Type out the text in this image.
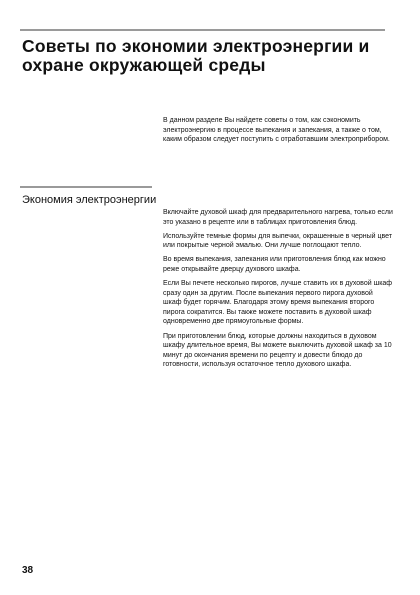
Советы по экономии электроэнергии и охране окружающей среды
В данном разделе Вы найдете советы о том, как сэкономить электроэнергию в процессе выпекания и запекания, а также о том, каким образом следует поступить с отработавшим электроприбором.
Экономия электроэнергии

Включайте духовой шкаф для предварительного нагрева, только если это указано в рецепте или в таблицах приготовления блюд.

Используйте темные формы для выпечки, окрашенные в черный цвет или покрытые черной эмалью. Они лучше поглощают тепло.

Во время выпекания, запекания или приготовления блюд как можно реже открывайте дверцу духового шкафа.

Если Вы печете несколько пирогов, лучше ставить их в духовой шкаф сразу один за другим. После выпекания первого пирога духовой шкаф будет горячим. Благодаря этому время выпекания второго пирога сократится. Вы также можете поставить в духовой шкаф одновременно две прямоугольные формы.

При приготовлении блюд, которые должны находиться в духовом шкафу длительное время, Вы можете выключить духовой шкаф за 10 минут до окончания времени по рецепту и довести блюдо до готовности, используя остаточное тепло духового шкафа.

38
